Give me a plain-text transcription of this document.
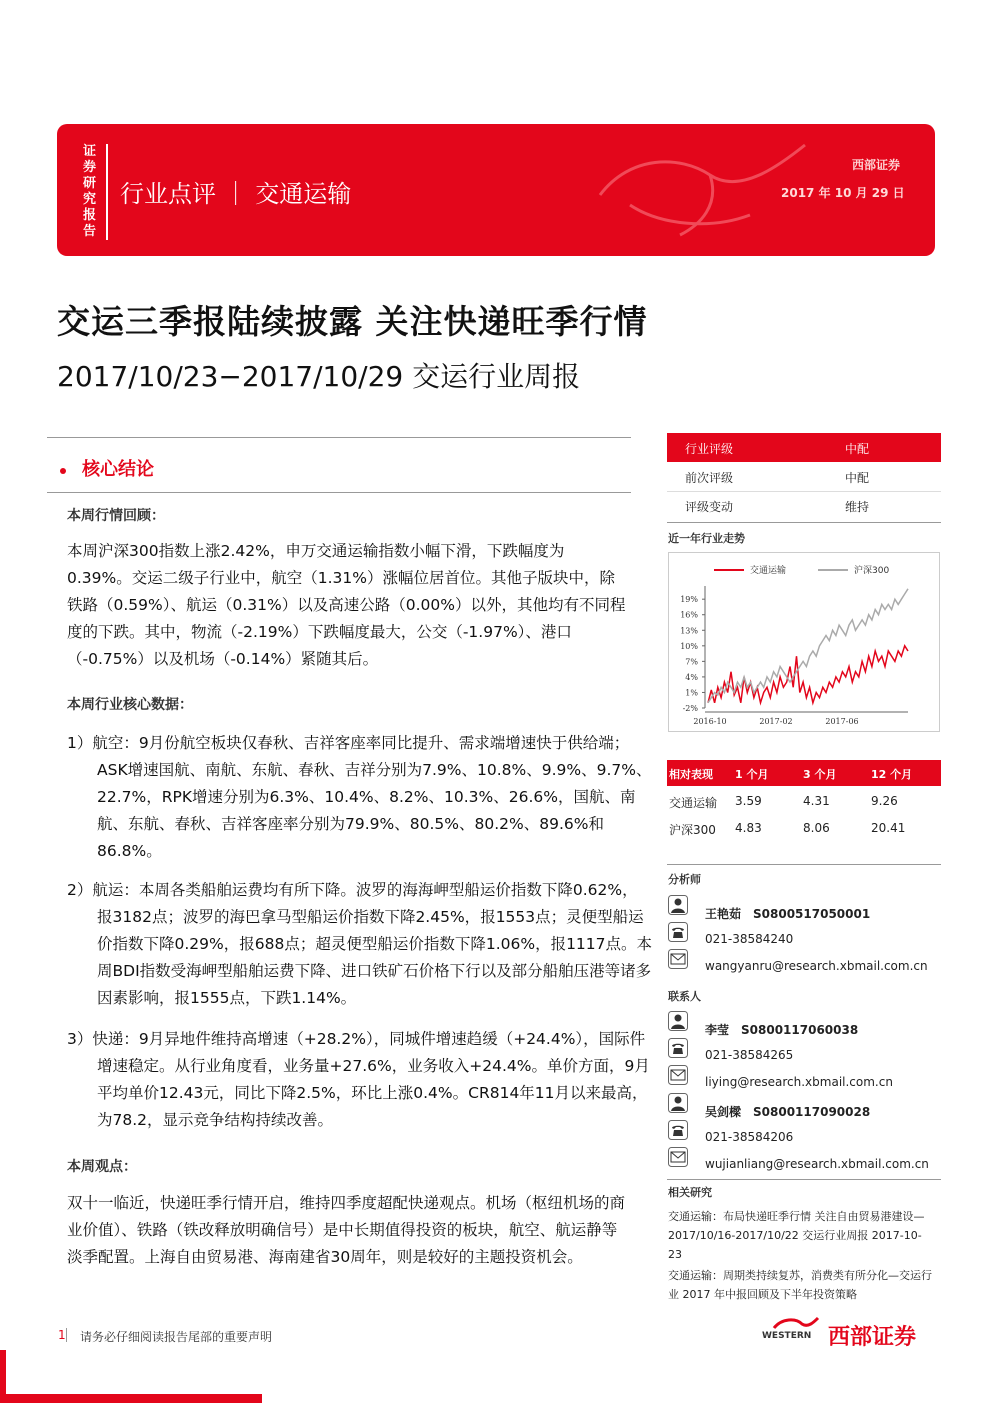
证券研究报告
行业点评 ｜ 交通运输
西部证券
2017 年 10 月 29 日
交运三季报陆续披露 关注快递旺季行情
2017/10/23−2017/10/29 交运行业周报
核心结论
本周行情回顾：
本周沪深300指数上涨2.42%，申万交通运输指数小幅下滑，下跌幅度为0.39%。交运二级子行业中，航空（1.31%）涨幅位居首位。其他子版块中，除铁路（0.59%）、航运（0.31%）以及高速公路（0.00%）以外，其他均有不同程度的下跌。其中，物流（-2.19%）下跌幅度最大，公交（-1.97%）、港口（-0.75%）以及机场（-0.14%）紧随其后。
本周行业核心数据：
1）航空：9月份航空板块仅春秋、吉祥客座率同比提升、需求端增速快于供给端；ASK增速国航、南航、东航、春秋、吉祥分别为7.9%、10.8%、9.9%、9.7%、22.7%，RPK增速分别为6.3%、10.4%、8.2%、10.3%、26.6%，国航、南航、东航、春秋、吉祥客座率分别为79.9%、80.5%、80.2%、89.6%和86.8%。
2）航运：本周各类船舶运费均有所下降。波罗的海海岬型船运价指数下降0.62%，报3182点；波罗的海巴拿马型船运价指数下降2.45%，报1553点；灵便型船运价指数下降0.29%，报688点；超灵便型船运价指数下降1.06%，报1117点。本周BDI指数受海岬型船舶运费下降、进口铁矿石价格下行以及部分船舶压港等诸多因素影响，报1555点，下跌1.14%。
3）快递：9月异地件维持高增速（+28.2%），同城件增速趋缓（+24.4%），国际件增速稳定。从行业角度看，业务量+27.6%，业务收入+24.4%。单价方面，9月平均单价12.43元，同比下降2.5%，环比上涨0.4%。CR814年11月以来最高，为78.2，显示竞争结构持续改善。
本周观点：
双十一临近，快递旺季行情开启，维持四季度超配快递观点。机场（枢纽机场的商业价值）、铁路（铁改释放明确信号）是中长期值得投资的板块，航空、航运静等淡季配置。上海自由贸易港、海南建省30周年，则是较好的主题投资机会。
行业评级	中配
前次评级	中配
评级变动	维持
近一年行业走势
19%
16%
13%
10%
7%
4%
1%
-2%
2016-10	2017-02	2017-06
交通运输	沪深300
相对表现 1 个月	3 个月	12 个月
交通运输 3.59	4.31	9.26
沪深300 4.83	8.06	20.41
分析师
王艳茹　S0800517050001
021-38584240
wangyanru@research.xbmail.com.cn
联系人
李莹　S0800117060038
021-38584265
liying@research.xbmail.com.cn
吴剑樑　S0800117090028
021-38584206
wujianliang@research.xbmail.com.cn
相关研究
交通运输：布局快递旺季行情 关注自由贸易港建设—2017/10/16-2017/10/22 交运行业周报 2017-10-23
交通运输：周期类持续复苏，消费类有所分化—交运行业 2017 年中报回顾及下半年投资策略
1 请务必仔细阅读报告尾部的重要声明	WESTERN 西部证券
